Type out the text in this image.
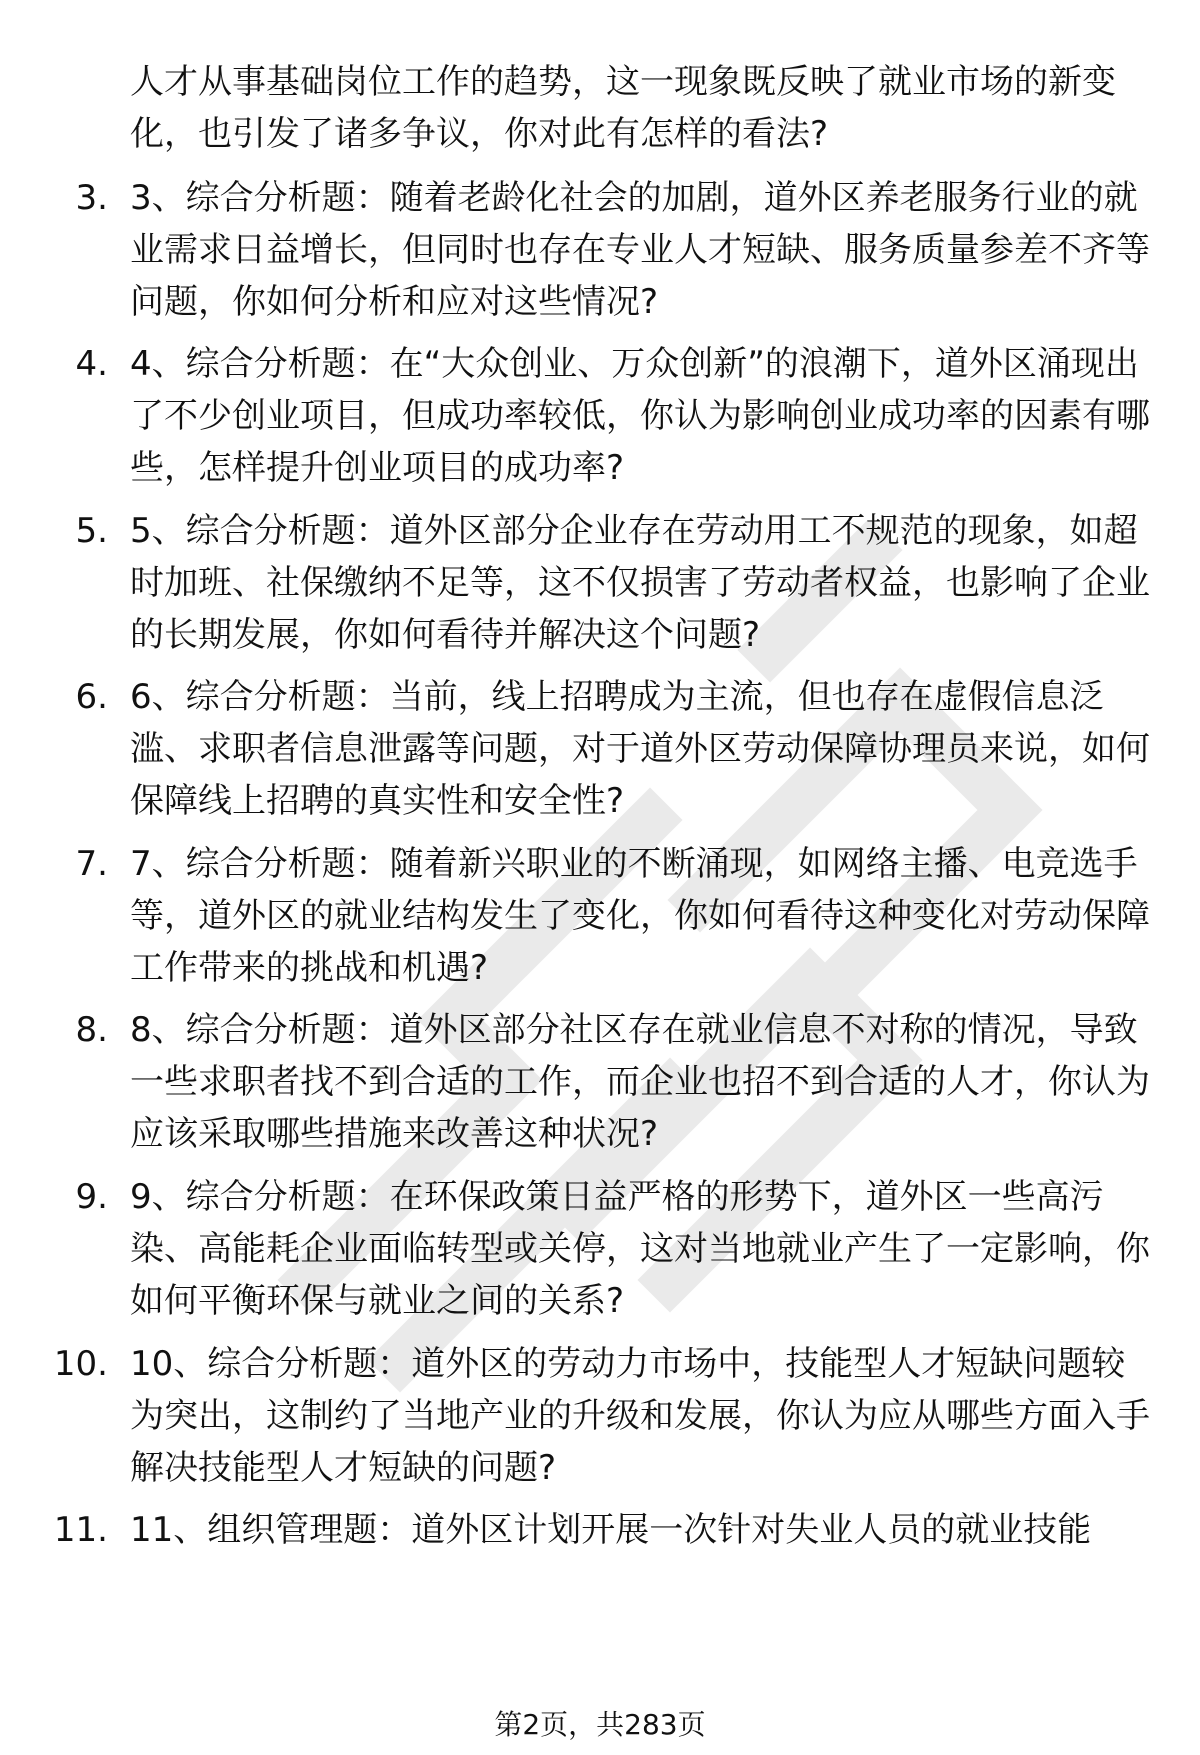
人才从事基础岗位工作的趋势，这一现象既反映了就业市场的新变化，也引发了诸多争议，你对此有怎样的看法?
3. 3、综合分析题：随着老龄化社会的加剧，道外区养老服务行业的就业需求日益增长，但同时也存在专业人才短缺、服务质量参差不齐等问题，你如何分析和应对这些情况?
4. 4、综合分析题：在“大众创业、万众创新”的浪潮下，道外区涌现出了不少创业项目，但成功率较低，你认为影响创业成功率的因素有哪些，怎样提升创业项目的成功率?
5. 5、综合分析题：道外区部分企业存在劳动用工不规范的现象，如超时加班、社保缴纳不足等，这不仅损害了劳动者权益，也影响了企业的长期发展，你如何看待并解决这个问题?
6. 6、综合分析题：当前，线上招聘成为主流，但也存在虚假信息泛滥、求职者信息泄露等问题，对于道外区劳动保障协理员来说，如何保障线上招聘的真实性和安全性?
7. 7、综合分析题：随着新兴职业的不断涌现，如网络主播、电竞选手等，道外区的就业结构发生了变化，你如何看待这种变化对劳动保障工作带来的挑战和机遇?
8. 8、综合分析题：道外区部分社区存在就业信息不对称的情况，导致一些求职者找不到合适的工作，而企业也招不到合适的人才，你认为应该采取哪些措施来改善这种状况?
9. 9、综合分析题：在环保政策日益严格的形势下，道外区一些高污染、高能耗企业面临转型或关停，这对当地就业产生了一定影响，你如何平衡环保与就业之间的关系?
10. 10、综合分析题：道外区的劳动力市场中，技能型人才短缺问题较为突出，这制约了当地产业的升级和发展，你认为应从哪些方面入手解决技能型人才短缺的问题?
11. 11、组织管理题：道外区计划开展一次针对失业人员的就业技能
第2页，共283页
